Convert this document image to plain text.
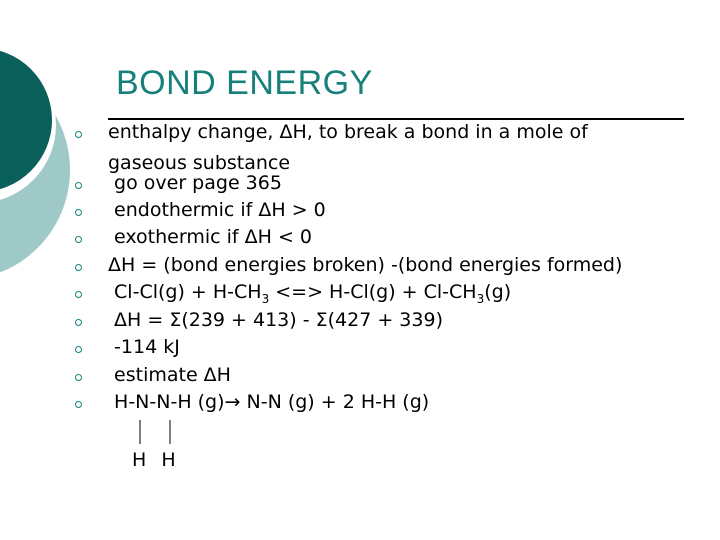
BOND ENERGY
enthalpy change, ΔH, to break a bond in a mole of gaseous substance
go over page 365
endothermic if ΔH > 0
exothermic if ΔH < 0
ΔH = (bond energies broken) -(bond energies formed)
$Cl-Cl(g) + H-CH_3$ <=> $H-Cl(g) + Cl-CH_3(g)$
ΔH = Σ(239 + 413) - Σ(427 + 339)
-114 kJ
estimate ΔH
H-N-N-H (g)→ N-N (g) + 2 H-H (g)
H  H
